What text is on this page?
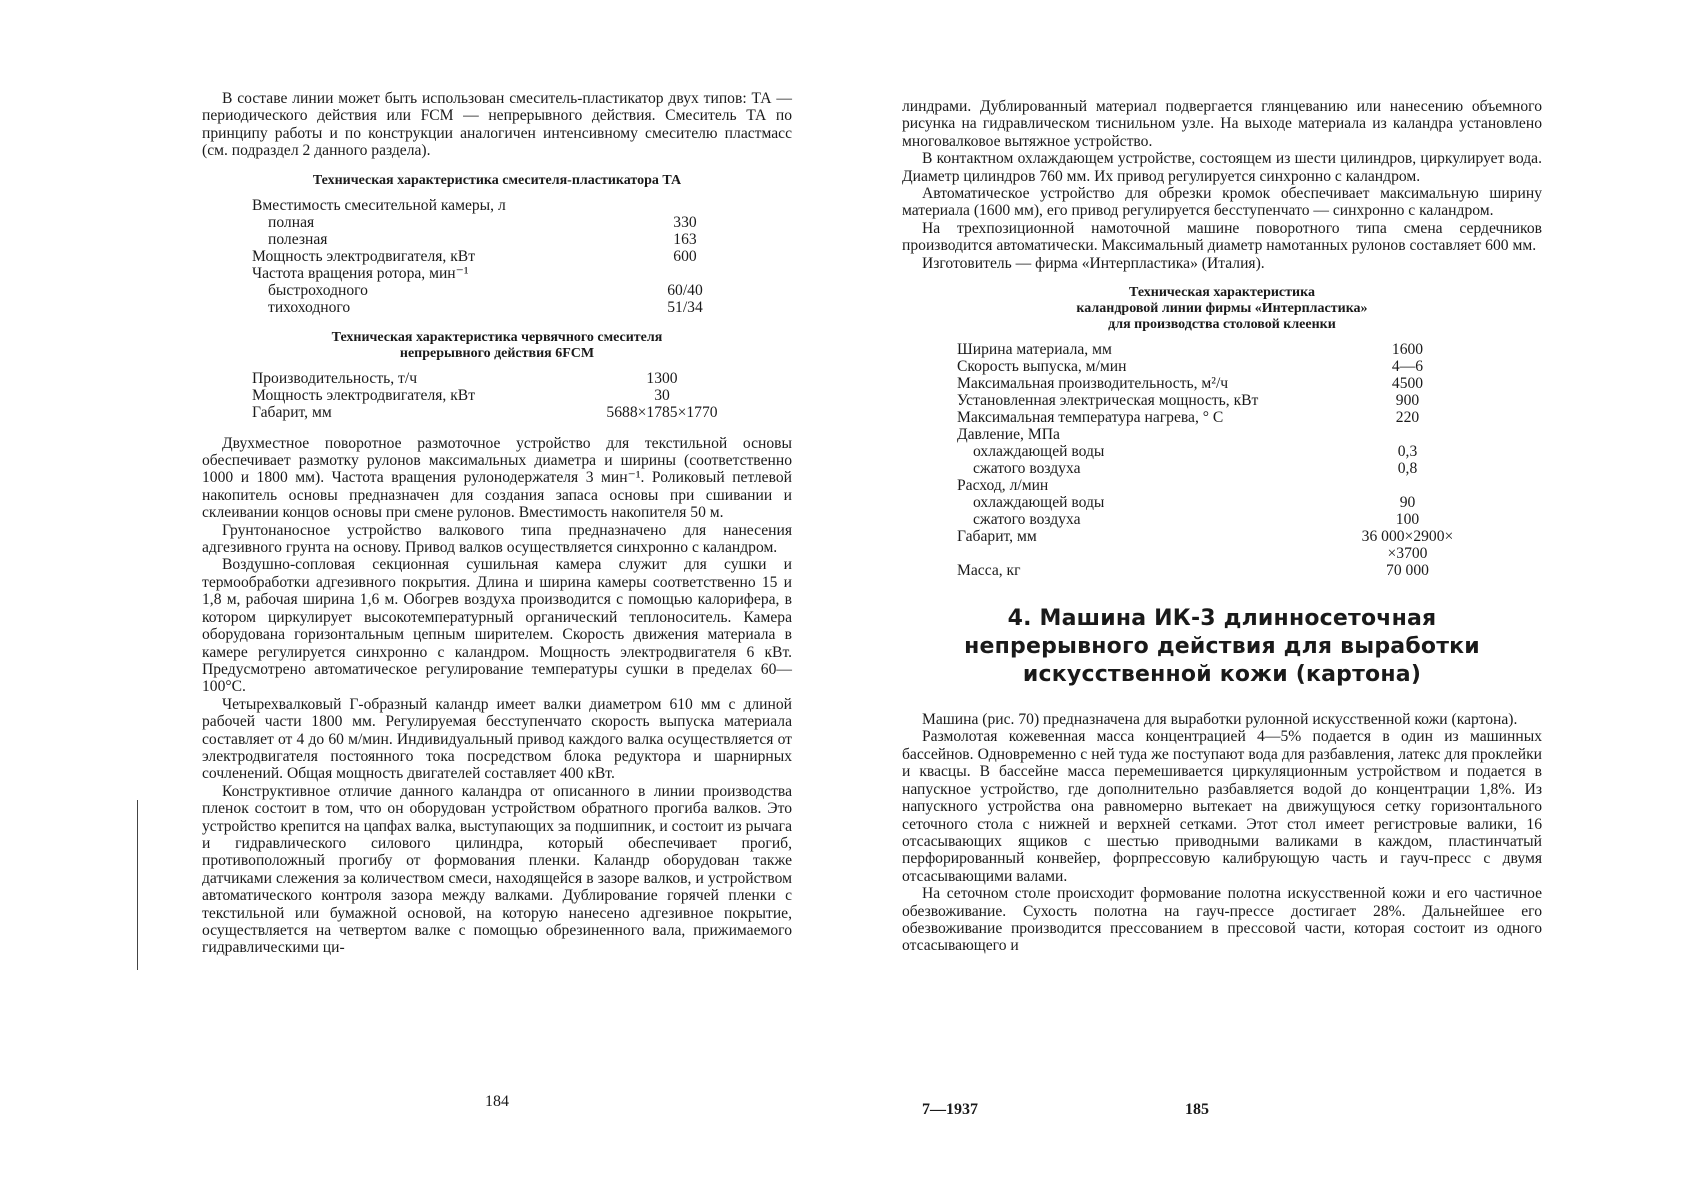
В составе линии может быть использован смеситель-пластикатор двух типов: ТА — периодического действия или FCM — непрерывного действия. Смеситель ТА по принципу работы и по конструкции аналогичен интенсивному смесителю пластмасс (см. подраздел 2 данного раздела).

Техническая характеристика смесителя-пластикатора ТА
Вместимость смесительной камеры, л	
полная	330
полезная	163
Мощность электродвигателя, кВт	600
Частота вращения ротора, мин⁻¹	
быстроходного	60/40
тихоходного	51/34
Техническая характеристика червячного смесителя
непрерывного действия 6FCM
Производительность, т/ч	1300
Мощность электродвигателя, кВт	30
Габарит, мм	5688×1785×1770

Двухместное поворотное размоточное устройство для текстильной основы обеспечивает размотку рулонов максимальных диаметра и ширины (соответственно 1000 и 1800 мм). Частота вращения рулонодержателя 3 мин⁻¹. Роликовый петлевой накопитель основы предназначен для создания запаса основы при сшивании и склеивании концов основы при смене рулонов. Вместимость накопителя 50 м.

Грунтонаносное устройство валкового типа предназначено для нанесения адгезивного грунта на основу. Привод валков осуществляется синхронно с каландром.

Воздушно-сопловая секционная сушильная камера служит для сушки и термообработки адгезивного покрытия. Длина и ширина камеры соответственно 15 и 1,8 м, рабочая ширина 1,6 м. Обогрев воздуха производится с помощью калорифера, в котором циркулирует высокотемпературный органический теплоноситель. Камера оборудована горизонтальным цепным ширителем. Скорость движения материала в камере регулируется синхронно с каландром. Мощность электродвигателя 6 кВт. Предусмотрено автоматическое регулирование температуры сушки в пределах 60—100°С.

Четырехвалковый Г-образный каландр имеет валки диаметром 610 мм с длиной рабочей части 1800 мм. Регулируемая бесступенчато скорость выпуска материала составляет от 4 до 60 м/мин. Индивидуальный привод каждого валка осуществляется от электродвигателя постоянного тока посредством блока редуктора и шарнирных сочленений. Общая мощность двигателей составляет 400 кВт.

Конструктивное отличие данного каландра от описанного в линии производства пленок состоит в том, что он оборудован устройством обратного прогиба валков. Это устройство крепится на цапфах валка, выступающих за подшипник, и состоит из рычага и гидравлического силового цилиндра, который обеспечивает прогиб, противоположный прогибу от формования пленки. Каландр оборудован также датчиками слежения за количеством смеси, находящейся в зазоре валков, и устройством автоматического контроля зазора между валками. Дублирование горячей пленки с текстильной или бумажной основой, на которую нанесено адгезивное покрытие, осуществляется на четвертом валке с помощью обрезиненного вала, прижимаемого гидравлическими ци-

184

линдрами. Дублированный материал подвергается глянцеванию или нанесению объемного рисунка на гидравлическом тиснильном узле. На выходе материала из каландра установлено многовалковое вытяжное устройство.

В контактном охлаждающем устройстве, состоящем из шести цилиндров, циркулирует вода. Диаметр цилиндров 760 мм. Их привод регулируется синхронно с каландром.

Автоматическое устройство для обрезки кромок обеспечивает максимальную ширину материала (1600 мм), его привод регулируется бесступенчато — синхронно с каландром.

На трехпозиционной намоточной машине поворотного типа смена сердечников производится автоматически. Максимальный диаметр намотанных рулонов составляет 600 мм.

Изготовитель — фирма «Интерпластика» (Италия).

Техническая характеристика
каландровой линии фирмы «Интерпластика»
для производства столовой клеенки
Ширина материала, мм	1600
Скорость выпуска, м/мин	4—6
Максимальная производительность, м²/ч	4500
Установленная электрическая мощность, кВт	900
Максимальная температура нагрева, ° С	220
Давление, МПа	
охлаждающей воды	0,3
сжатого воздуха	0,8
Расход, л/мин	
охлаждающей воды	90
сжатого воздуха	100
Габарит, мм	36 000×2900×
	×3700
Масса, кг	70 000
4. Машина ИК-3 длинносеточная
непрерывного действия для выработки
искусственной кожи (картона)

Машина (рис. 70) предназначена для выработки рулонной искусственной кожи (картона).

Размолотая кожевенная масса концентрацией 4—5% подается в один из машинных бассейнов. Одновременно с ней туда же поступают вода для разбавления, латекс для проклейки и квасцы. В бассейне масса перемешивается циркуляционным устройством и подается в напускное устройство, где дополнительно разбавляется водой до концентрации 1,8%. Из напускного устройства она равномерно вытекает на движущуюся сетку горизонтального сеточного стола с нижней и верхней сетками. Этот стол имеет регистровые валики, 16 отсасывающих ящиков с шестью приводными валиками в каждом, пластинчатый перфорированный конвейер, форпрессовую калибрующую часть и гауч-пресс с двумя отсасывающими валами.

На сеточном столе происходит формование полотна искусственной кожи и его частичное обезвоживание. Сухость полотна на гауч-прессе достигает 28%. Дальнейшее его обезвоживание производится прессованием в прессовой части, которая состоит из одного отсасывающего и

7—1937	185
